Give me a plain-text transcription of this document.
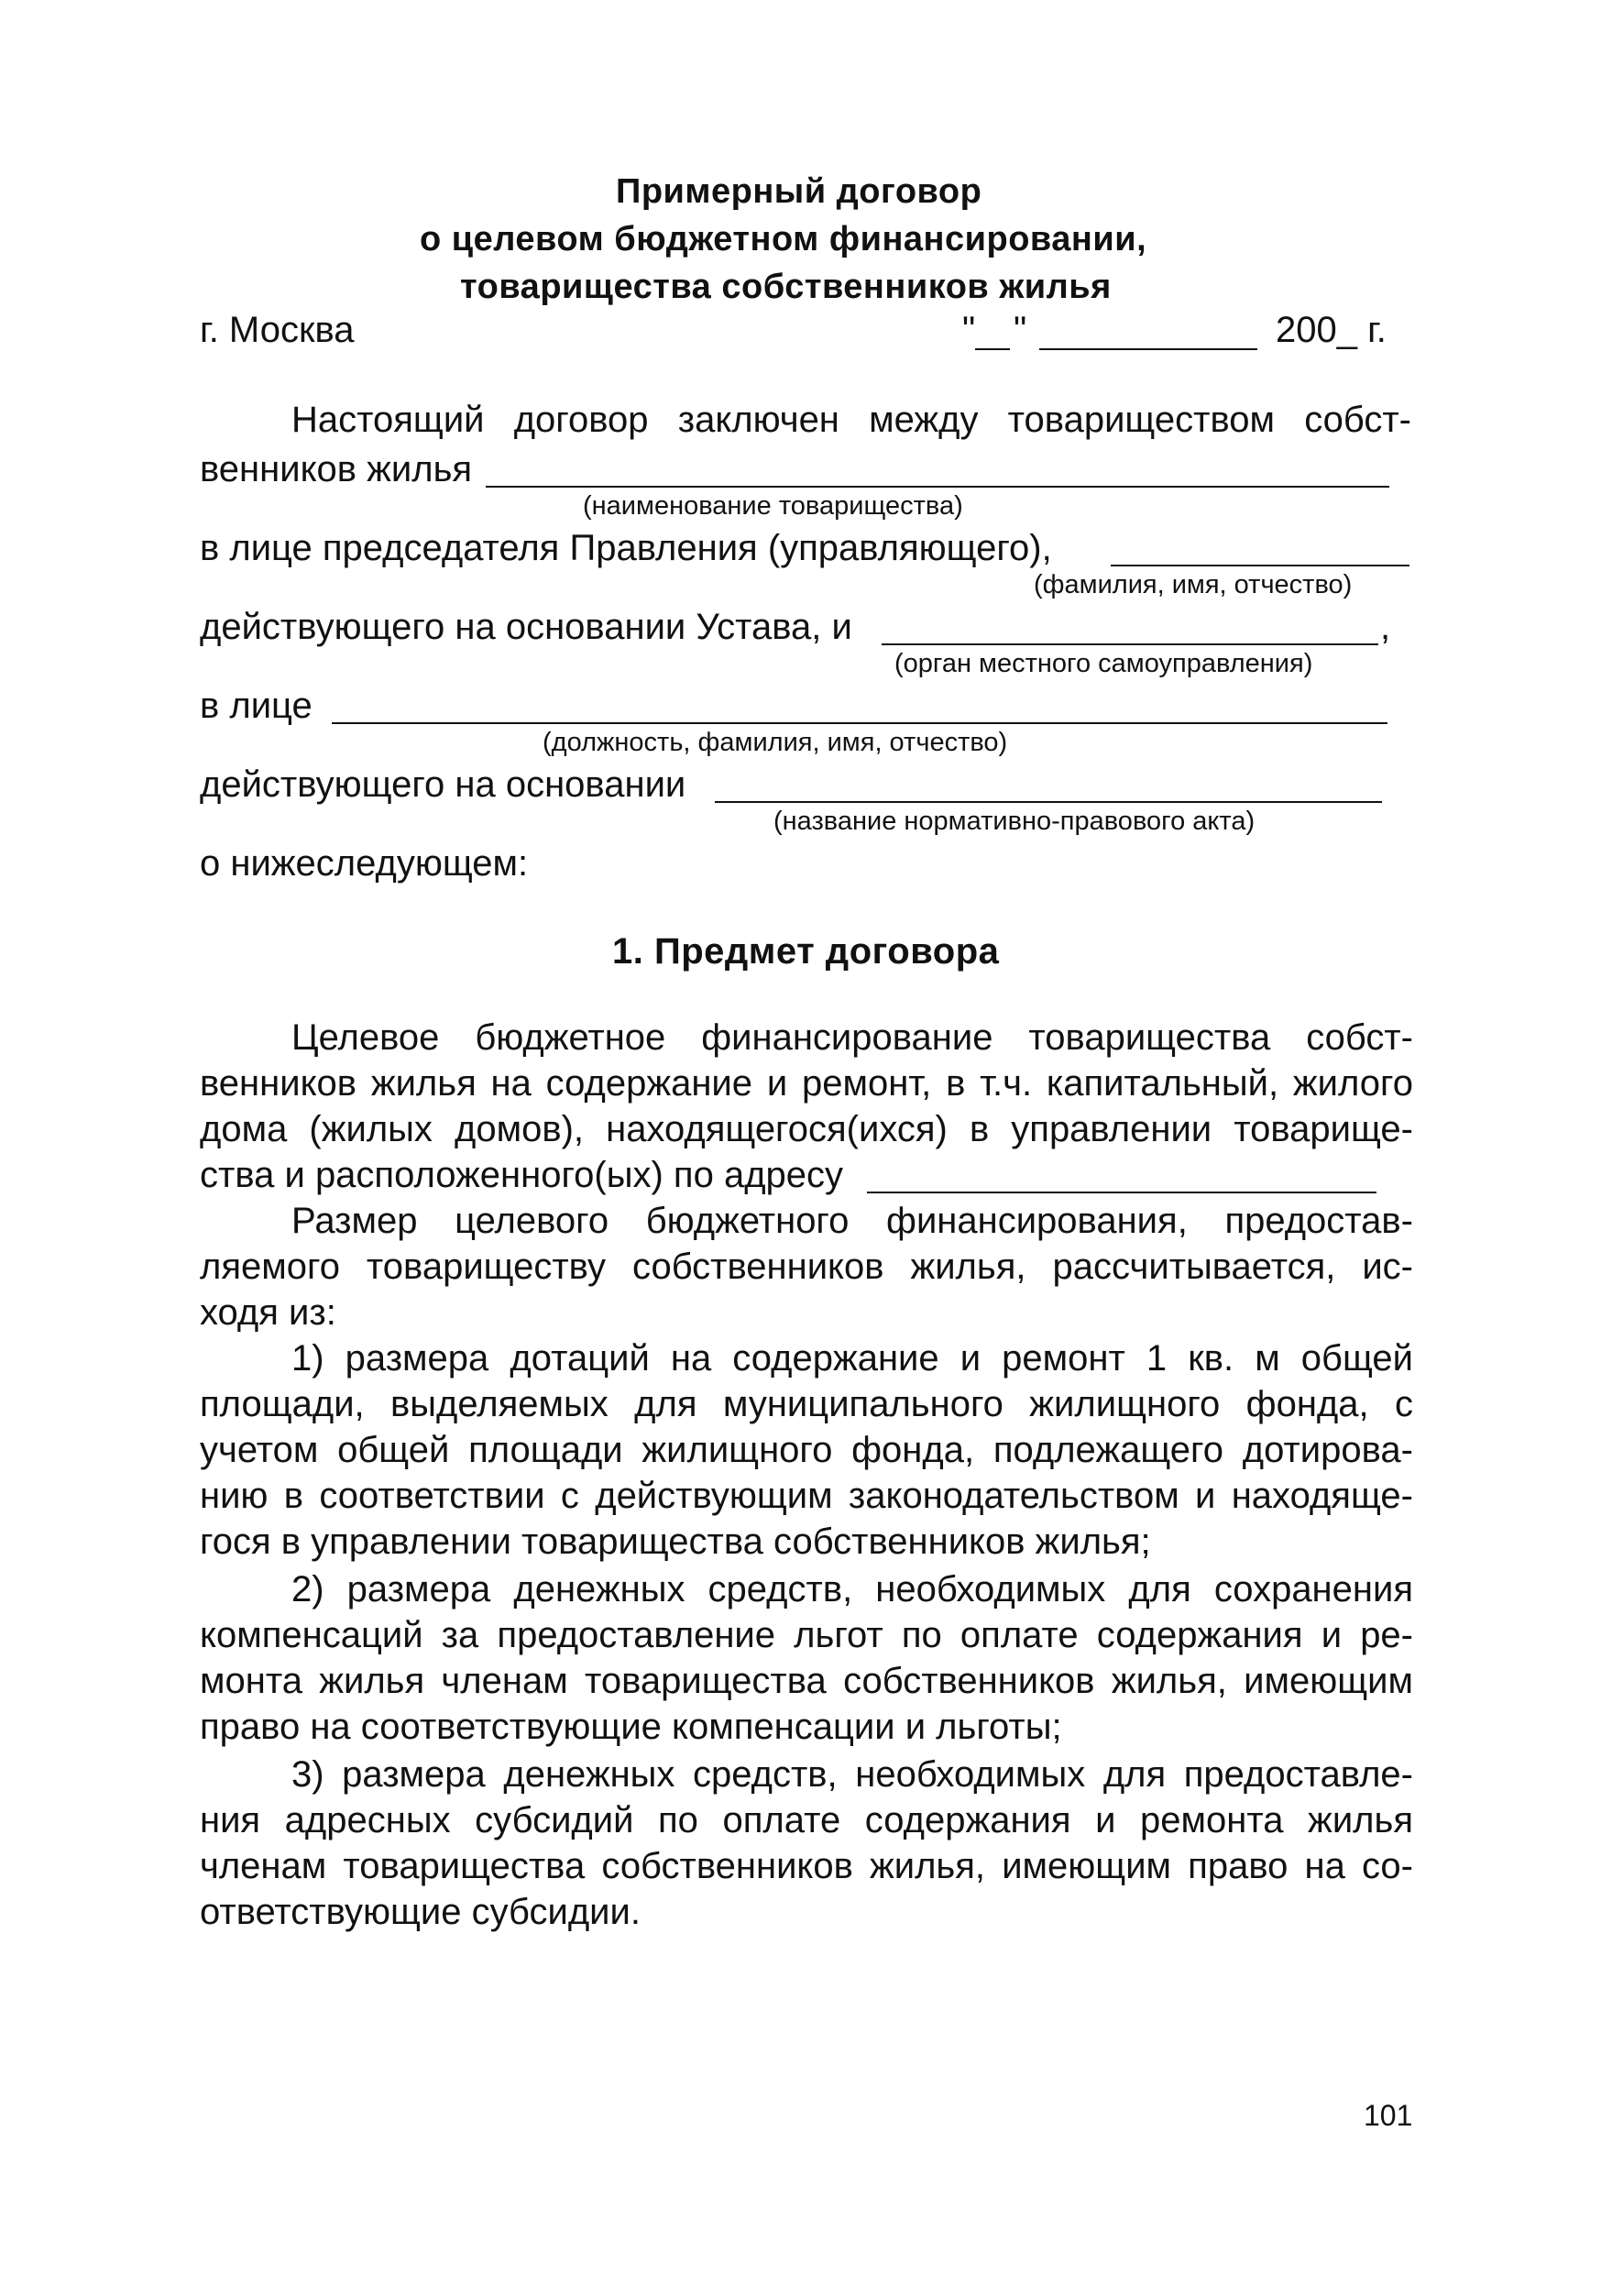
Примерный договор
о целевом бюджетном финансировании,
товарищества собственников жилья
г. Москва	" "	200_ г.
Настоящий договор заключен между товариществом собст-
венников жилья
(наименование товарищества)
в лице председателя Правления (управляющего),
(фамилия, имя, отчество)
действующего на основании Устава, и	,
(орган местного самоуправления)
в лице
(должность, фамилия, имя, отчество)
действующего на основании
(название нормативно-правового акта)
о нижеследующем:
1. Предмет договора
Целевое бюджетное финансирование товарищества собст-
венников жилья на содержание и ремонт, в т.ч. капитальный, жилого
дома (жилых домов), находящегося(ихся) в управлении товарище-
ства и расположенного(ых) по адресу
Размер целевого бюджетного финансирования, предостав-
ляемого товариществу собственников жилья, рассчитывается, ис-
ходя из:
1) размера дотаций на содержание и ремонт 1 кв. м общей
площади, выделяемых для муниципального жилищного фонда, с
учетом общей площади жилищного фонда, подлежащего дотирова-
нию в соответствии с действующим законодательством и находяще-
гося в управлении товарищества собственников жилья;
2) размера денежных средств, необходимых для сохранения
компенсаций за предоставление льгот по оплате содержания и ре-
монта жилья членам товарищества собственников жилья, имеющим
право на соответствующие компенсации и льготы;
3) размера денежных средств, необходимых для предоставле-
ния адресных субсидий по оплате содержания и ремонта жилья
членам товарищества собственников жилья, имеющим право на со-
ответствующие субсидии.
101
